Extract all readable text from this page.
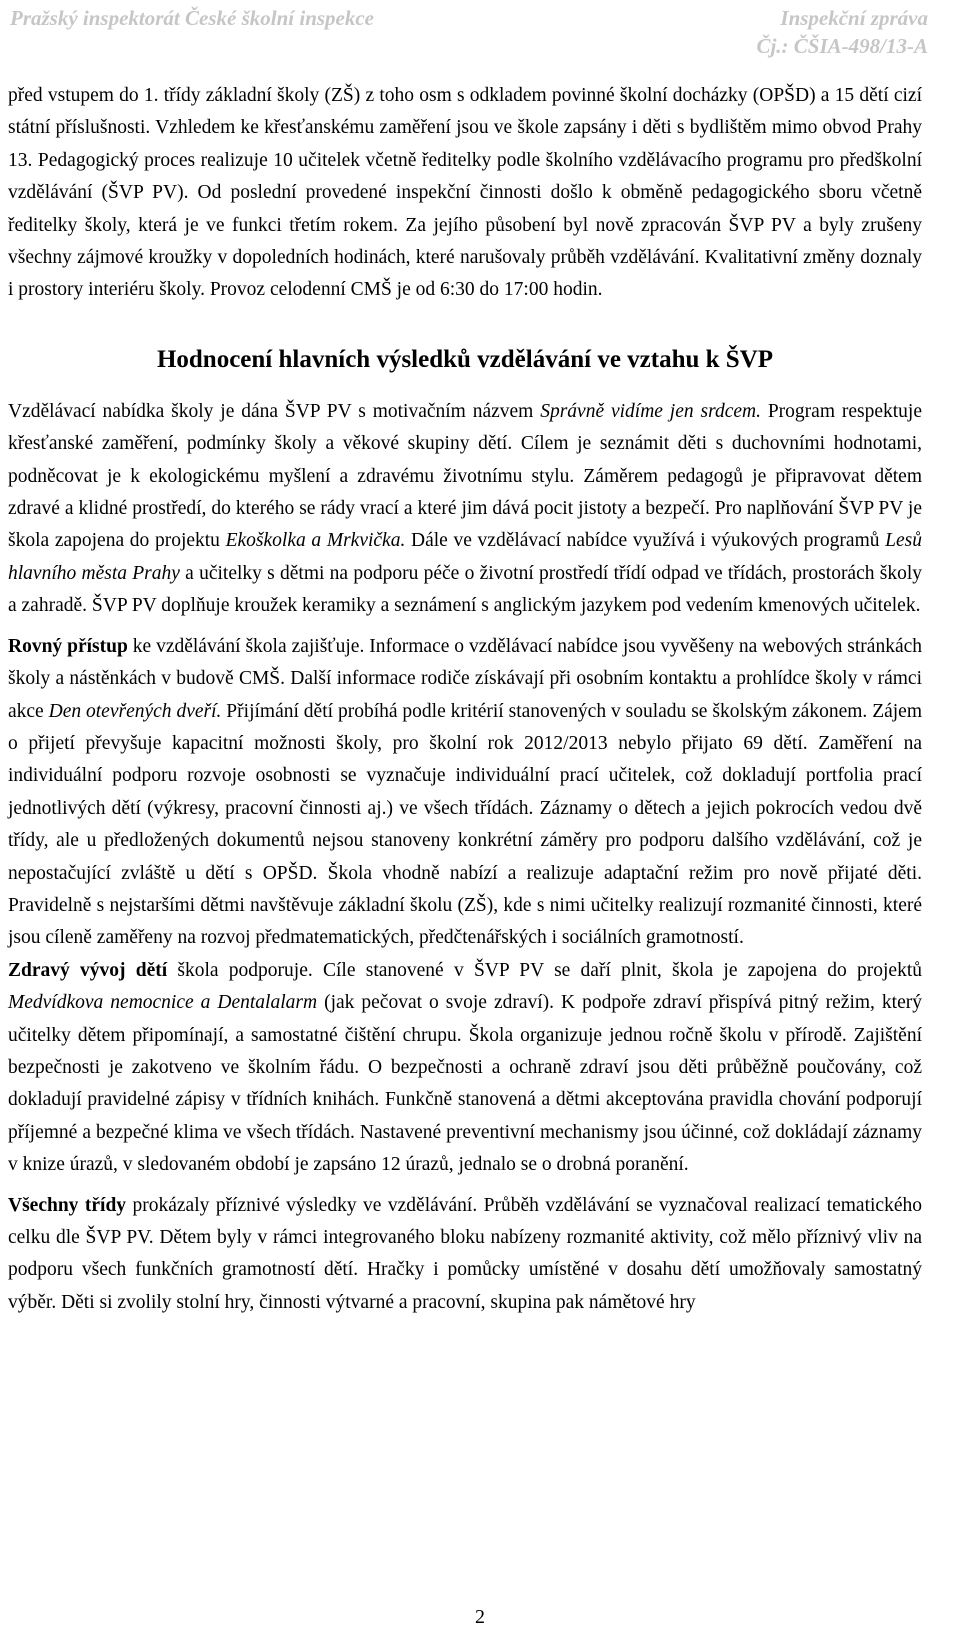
Pražský inspektorát České školní inspekce	Inspekční zpráva
Čj.: ČŠIA-498/13-A

před vstupem do 1. třídy základní školy (ZŠ) z toho osm s odkladem povinné školní docházky (OPŠD) a 15 dětí cizí státní příslušnosti. Vzhledem ke křesťanskému zaměření jsou ve škole zapsány i děti s bydlištěm mimo obvod Prahy 13. Pedagogický proces realizuje 10 učitelek včetně ředitelky podle školního vzdělávacího programu pro předškolní vzdělávání (ŠVP PV). Od poslední provedené inspekční činnosti došlo k obměně pedagogického sboru včetně ředitelky školy, která je ve funkci třetím rokem. Za jejího působení byl nově zpracován ŠVP PV a byly zrušeny všechny zájmové kroužky v dopoledních hodinách, které narušovaly průběh vzdělávání. Kvalitativní změny doznaly i prostory interiéru školy. Provoz celodenní CMŠ je od 6:30 do 17:00 hodin.

Hodnocení hlavních výsledků vzdělávání ve vztahu k ŠVP

Vzdělávací nabídka školy je dána ŠVP PV s motivačním názvem Správně vidíme jen srdcem. Program respektuje křesťanské zaměření, podmínky školy a věkové skupiny dětí. Cílem je seznámit děti s duchovními hodnotami, podněcovat je k ekologickému myšlení a zdravému životnímu stylu. Záměrem pedagogů je připravovat dětem zdravé a klidné prostředí, do kterého se rády vrací a které jim dává pocit jistoty a bezpečí. Pro naplňování ŠVP PV je škola zapojena do projektu Ekoškolka a Mrkvička. Dále ve vzdělávací nabídce využívá i výukových programů Lesů hlavního města Prahy a učitelky s dětmi na podporu péče o životní prostředí třídí odpad ve třídách, prostorách školy a zahradě. ŠVP PV doplňuje kroužek keramiky a seznámení s anglickým jazykem pod vedením kmenových učitelek.

Rovný přístup ke vzdělávání škola zajišťuje. Informace o vzdělávací nabídce jsou vyvěšeny na webových stránkách školy a nástěnkách v budově CMŠ. Další informace rodiče získávají při osobním kontaktu a prohlídce školy v rámci akce Den otevřených dveří. Přijímání dětí probíhá podle kritérií stanovených v souladu se školským zákonem. Zájem o přijetí převyšuje kapacitní možnosti školy, pro školní rok 2012/2013 nebylo přijato 69 dětí. Zaměření na individuální podporu rozvoje osobnosti se vyznačuje individuální prací učitelek, což dokladují portfolia prací jednotlivých dětí (výkresy, pracovní činnosti aj.) ve všech třídách. Záznamy o dětech a jejich pokrocích vedou dvě třídy, ale u předložených dokumentů nejsou stanoveny konkrétní záměry pro podporu dalšího vzdělávání, což je nepostačující zvláště u dětí s OPŠD. Škola vhodně nabízí a realizuje adaptační režim pro nově přijaté děti. Pravidelně s nejstaršími dětmi navštěvuje základní školu (ZŠ), kde s nimi učitelky realizují rozmanité činnosti, které jsou cíleně zaměřeny na rozvoj předmatematických, předčtenářských i sociálních gramotností.

Zdravý vývoj dětí škola podporuje. Cíle stanovené v ŠVP PV se daří plnit, škola je zapojena do projektů Medvídkova nemocnice a Dentalalarm (jak pečovat o svoje zdraví). K podpoře zdraví přispívá pitný režim, který učitelky dětem připomínají, a samostatné čištění chrupu. Škola organizuje jednou ročně školu v přírodě. Zajištění bezpečnosti je zakotveno ve školním řádu. O bezpečnosti a ochraně zdraví jsou děti průběžně poučovány, což dokladují pravidelné zápisy v třídních knihách. Funkčně stanovená a dětmi akceptována pravidla chování podporují příjemné a bezpečné klima ve všech třídách. Nastavené preventivní mechanismy jsou účinné, což dokládají záznamy v knize úrazů, v sledovaném období je zapsáno 12 úrazů, jednalo se o drobná poranění.

Všechny třídy prokázaly příznivé výsledky ve vzdělávání. Průběh vzdělávání se vyznačoval realizací tematického celku dle ŠVP PV. Dětem byly v rámci integrovaného bloku nabízeny rozmanité aktivity, což mělo příznivý vliv na podporu všech funkčních gramotností dětí. Hračky i pomůcky umístěné v dosahu dětí umožňovaly samostatný výběr. Děti si zvolily stolní hry, činnosti výtvarné a pracovní, skupina pak námětové hry

2
